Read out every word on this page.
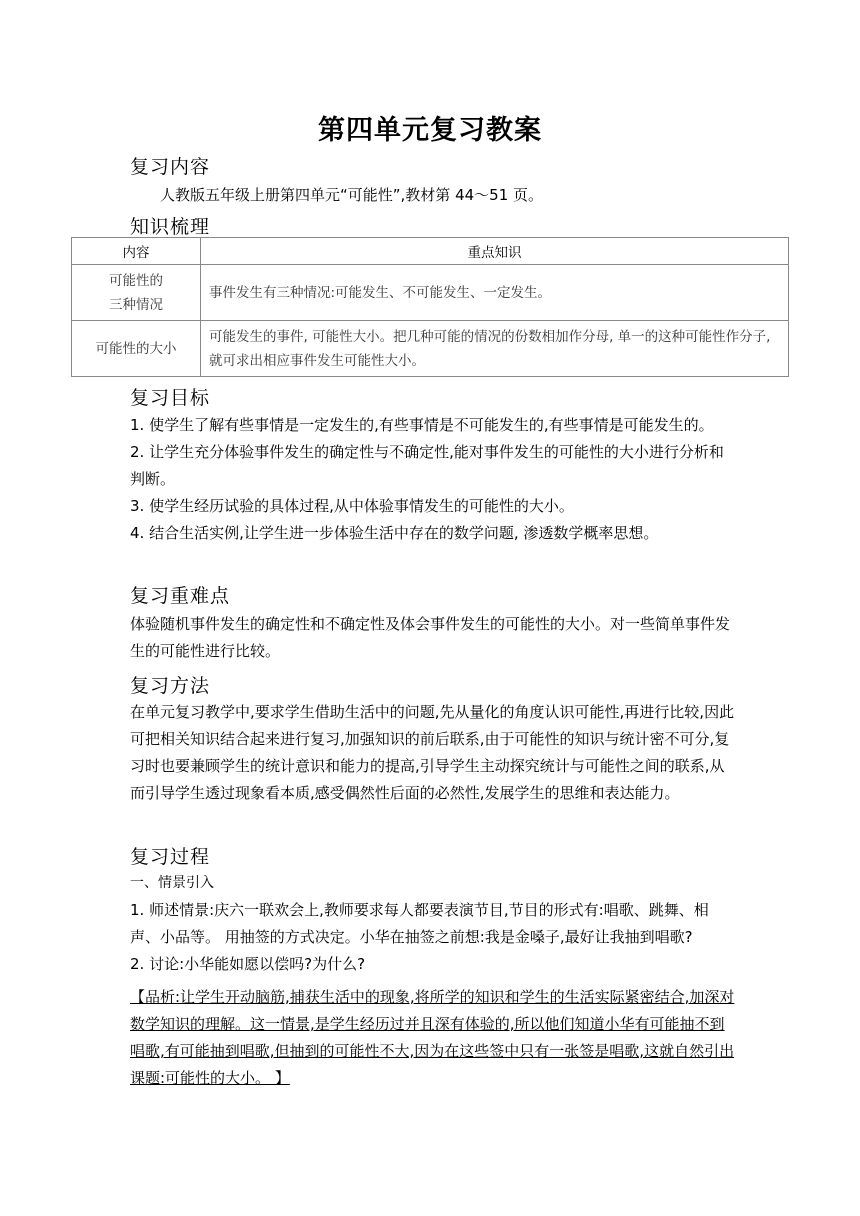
第四单元复习教案
复习内容

人教版五年级上册第四单元“可能性”,教材第 44～51 页。

知识梳理
内容	重点知识

可能性的
三种情况	事件发生有三种情况:可能发生、不可能发生、一定发生。
可能性的大小	可能发生的事件, 可能性大小。把几种可能的情况的份数相加作分母, 单一的这种可能性作分子, 就可求出相应事件发生可能性大小。
复习目标

1. 使学生了解有些事情是一定发生的,有些事情是不可能发生的,有些事情是可能发生的。

2. 让学生充分体验事件发生的确定性与不确定性,能对事件发生的可能性的大小进行分析和判断。

3. 使学生经历试验的具体过程,从中体验事情发生的可能性的大小。

4. 结合生活实例,让学生进一步体验生活中存在的数学问题, 渗透数学概率思想。

复习重难点

体验随机事件发生的确定性和不确定性及体会事件发生的可能性的大小。对一些简单事件发生的可能性进行比较。

复习方法

在单元复习教学中,要求学生借助生活中的问题,先从量化的角度认识可能性,再进行比较,因此可把相关知识结合起来进行复习,加强知识的前后联系,由于可能性的知识与统计密不可分,复习时也要兼顾学生的统计意识和能力的提高,引导学生主动探究统计与可能性之间的联系,从而引导学生透过现象看本质,感受偶然性后面的必然性,发展学生的思维和表达能力。

复习过程

一、情景引入

1. 师述情景:庆六一联欢会上,教师要求每人都要表演节目,节目的形式有:唱歌、跳舞、相声、小品等。 用抽签的方式决定。小华在抽签之前想:我是金嗓子,最好让我抽到唱歌?

2. 讨论:小华能如愿以偿吗?为什么?

【品析:让学生开动脑筋,捕获生活中的现象,将所学的知识和学生的生活实际紧密结合,加深对数学知识的理解。这一情景,是学生经历过并且深有体验的,所以他们知道小华有可能抽不到唱歌,有可能抽到唱歌,但抽到的可能性不大,因为在这些签中只有一张签是唱歌,这就自然引出课题:可能性的大小。 】
